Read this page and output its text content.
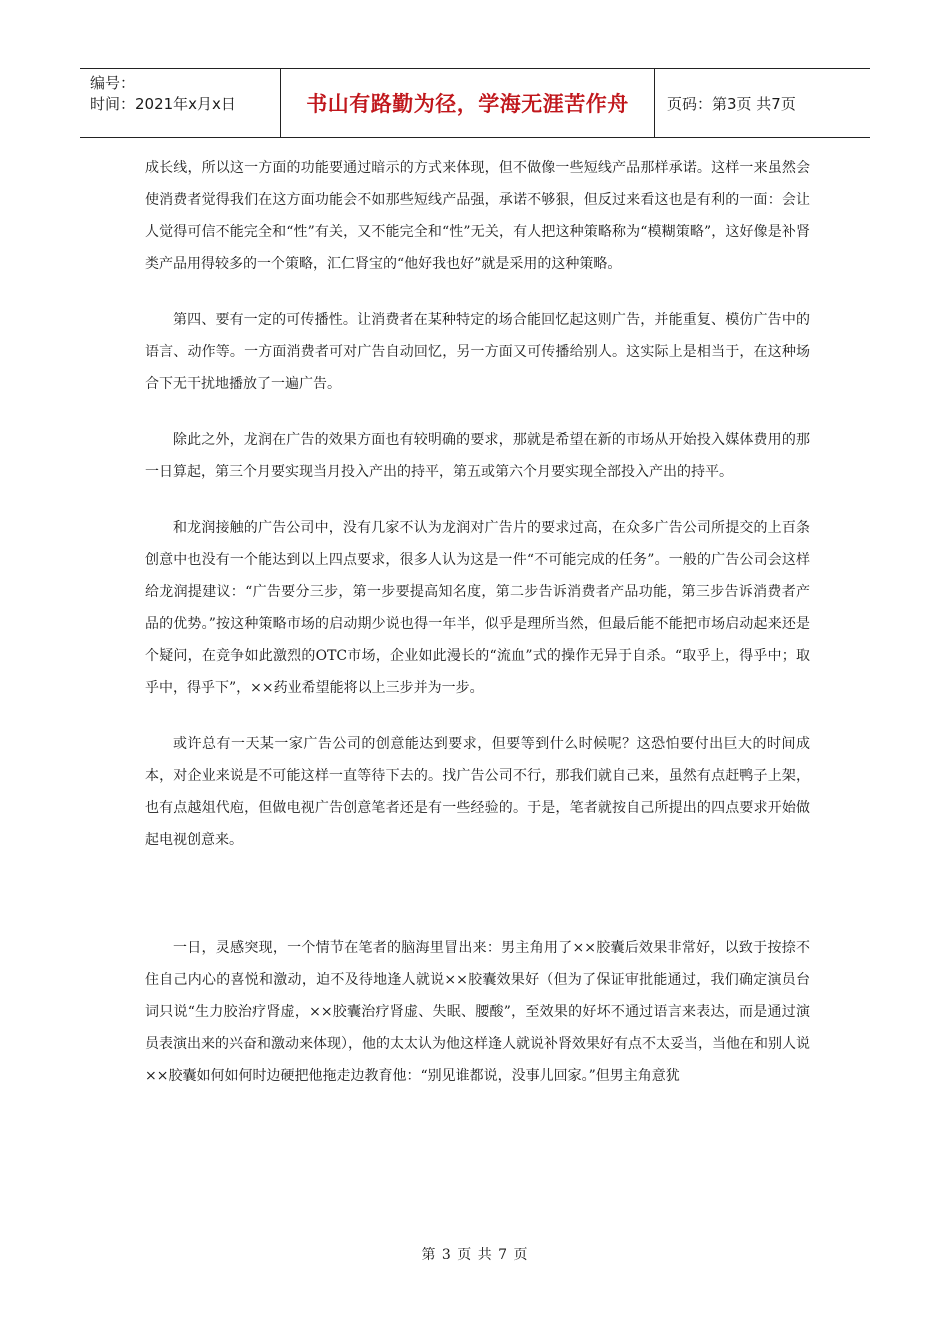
编号：
时间：2021年x月x日	书山有路勤为径，学海无涯苦作舟	页码：第3页 共7页

成长线，所以这一方面的功能要通过暗示的方式来体现，但不做像一些短线产品那样承诺。这样一来虽然会使消费者觉得我们在这方面功能会不如那些短线产品强，承诺不够狠，但反过来看这也是有利的一面：会让人觉得可信不能完全和“性”有关，又不能完全和“性”无关，有人把这种策略称为“模糊策略”，这好像是补肾类产品用得较多的一个策略，汇仁肾宝的“他好我也好”就是采用的这种策略。

第四、要有一定的可传播性。让消费者在某种特定的场合能回忆起这则广告，并能重复、模仿广告中的语言、动作等。一方面消费者可对广告自动回忆，另一方面又可传播给别人。这实际上是相当于，在这种场合下无干扰地播放了一遍广告。

除此之外，龙润在广告的效果方面也有较明确的要求，那就是希望在新的市场从开始投入媒体费用的那一日算起，第三个月要实现当月投入产出的持平，第五或第六个月要实现全部投入产出的持平。

和龙润接触的广告公司中，没有几家不认为龙润对广告片的要求过高，在众多广告公司所提交的上百条创意中也没有一个能达到以上四点要求，很多人认为这是一件“不可能完成的任务”。一般的广告公司会这样给龙润提建议：“广告要分三步，第一步要提高知名度，第二步告诉消费者产品功能，第三步告诉消费者产品的优势。”按这种策略市场的启动期少说也得一年半，似乎是理所当然，但最后能不能把市场启动起来还是个疑问，在竞争如此激烈的OTC市场，企业如此漫长的“流血”式的操作无异于自杀。“取乎上，得乎中；取乎中，得乎下”，××药业希望能将以上三步并为一步。

或许总有一天某一家广告公司的创意能达到要求，但要等到什么时候呢？这恐怕要付出巨大的时间成本，对企业来说是不可能这样一直等待下去的。找广告公司不行，那我们就自己来，虽然有点赶鸭子上架，也有点越俎代庖，但做电视广告创意笔者还是有一些经验的。于是，笔者就按自己所提出的四点要求开始做起电视创意来。

一日，灵感突现，一个情节在笔者的脑海里冒出来：男主角用了××胶囊后效果非常好，以致于按捺不住自己内心的喜悦和激动，迫不及待地逢人就说××胶囊效果好（但为了保证审批能通过，我们确定演员台词只说“生力胶治疗肾虚，××胶囊治疗肾虚、失眠、腰酸”，至效果的好坏不通过语言来表达，而是通过演员表演出来的兴奋和激动来体现），他的太太认为他这样逢人就说补肾效果好有点不太妥当，当他在和别人说××胶囊如何如何时边硬把他拖走边教育他：“别见谁都说，没事儿回家。”但男主角意犹

第 3 页 共 7 页
